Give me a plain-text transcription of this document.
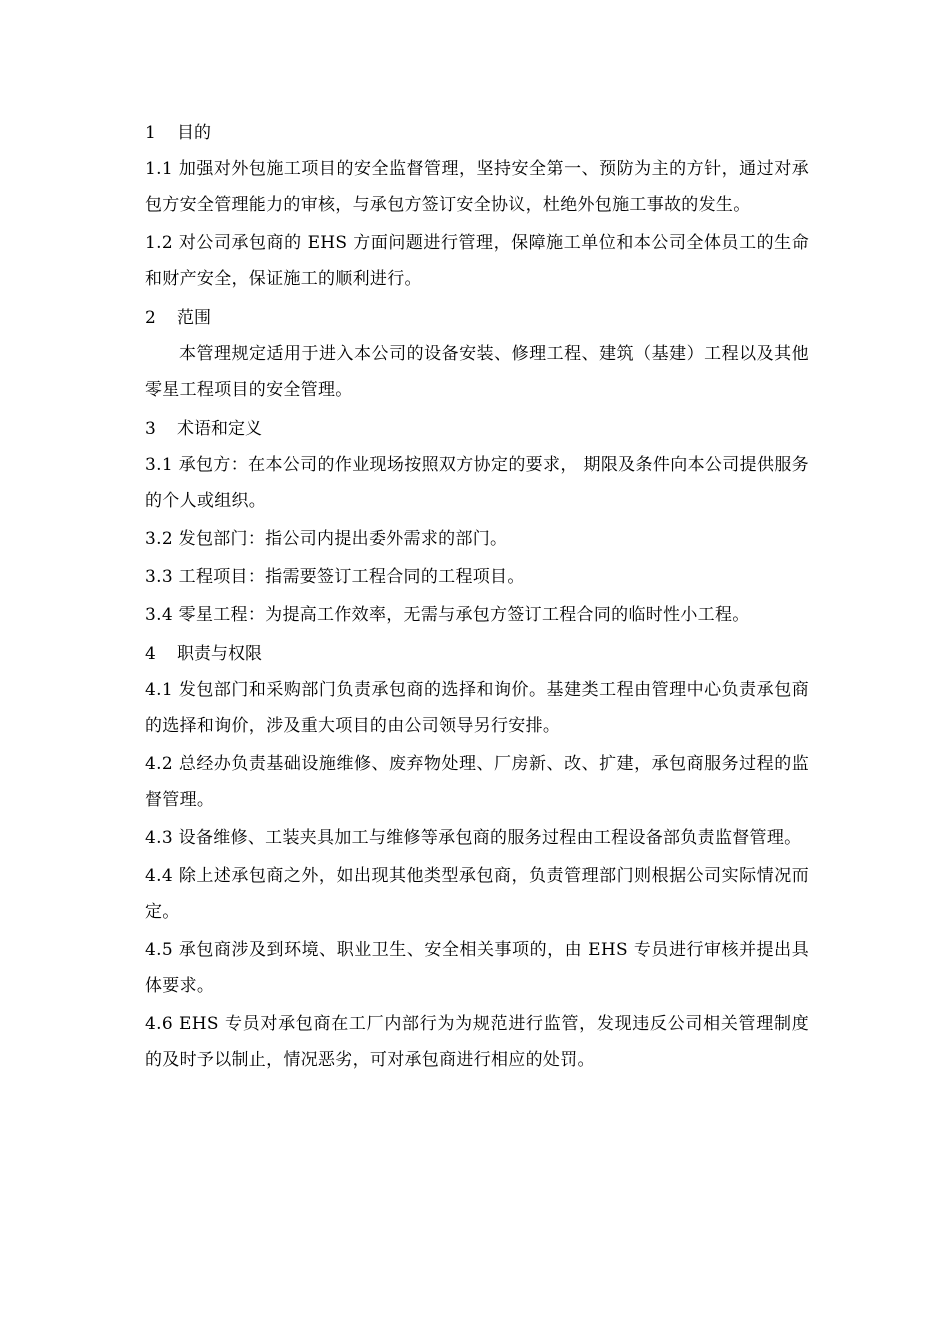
1 目的

1.1 加强对外包施工项目的安全监督管理，坚持安全第一、预防为主的方针，通过对承包方安全管理能力的审核，与承包方签订安全协议，杜绝外包施工事故的发生。

1.2 对公司承包商的 EHS 方面问题进行管理，保障施工单位和本公司全体员工的生命和财产安全，保证施工的顺利进行。

2 范围

本管理规定适用于进入本公司的设备安装、修理工程、建筑（基建）工程以及其他零星工程项目的安全管理。

3 术语和定义

3.1 承包方：在本公司的作业现场按照双方协定的要求， 期限及条件向本公司提供服务的个人或组织。

3.2 发包部门：指公司内提出委外需求的部门。

3.3 工程项目：指需要签订工程合同的工程项目。

3.4 零星工程：为提高工作效率，无需与承包方签订工程合同的临时性小工程。

4 职责与权限

4.1 发包部门和采购部门负责承包商的选择和询价。基建类工程由管理中心负责承包商的选择和询价，涉及重大项目的由公司领导另行安排。

4.2 总经办负责基础设施维修、废弃物处理、厂房新、改、扩建，承包商服务过程的监督管理。

4.3 设备维修、工装夹具加工与维修等承包商的服务过程由工程设备部负责监督管理。

4.4 除上述承包商之外，如出现其他类型承包商，负责管理部门则根据公司实际情况而定。

4.5 承包商涉及到环境、职业卫生、安全相关事项的，由 EHS 专员进行审核并提出具体要求。

4.6 EHS 专员对承包商在工厂内部行为为规范进行监管，发现违反公司相关管理制度的及时予以制止，情况恶劣，可对承包商进行相应的处罚。
